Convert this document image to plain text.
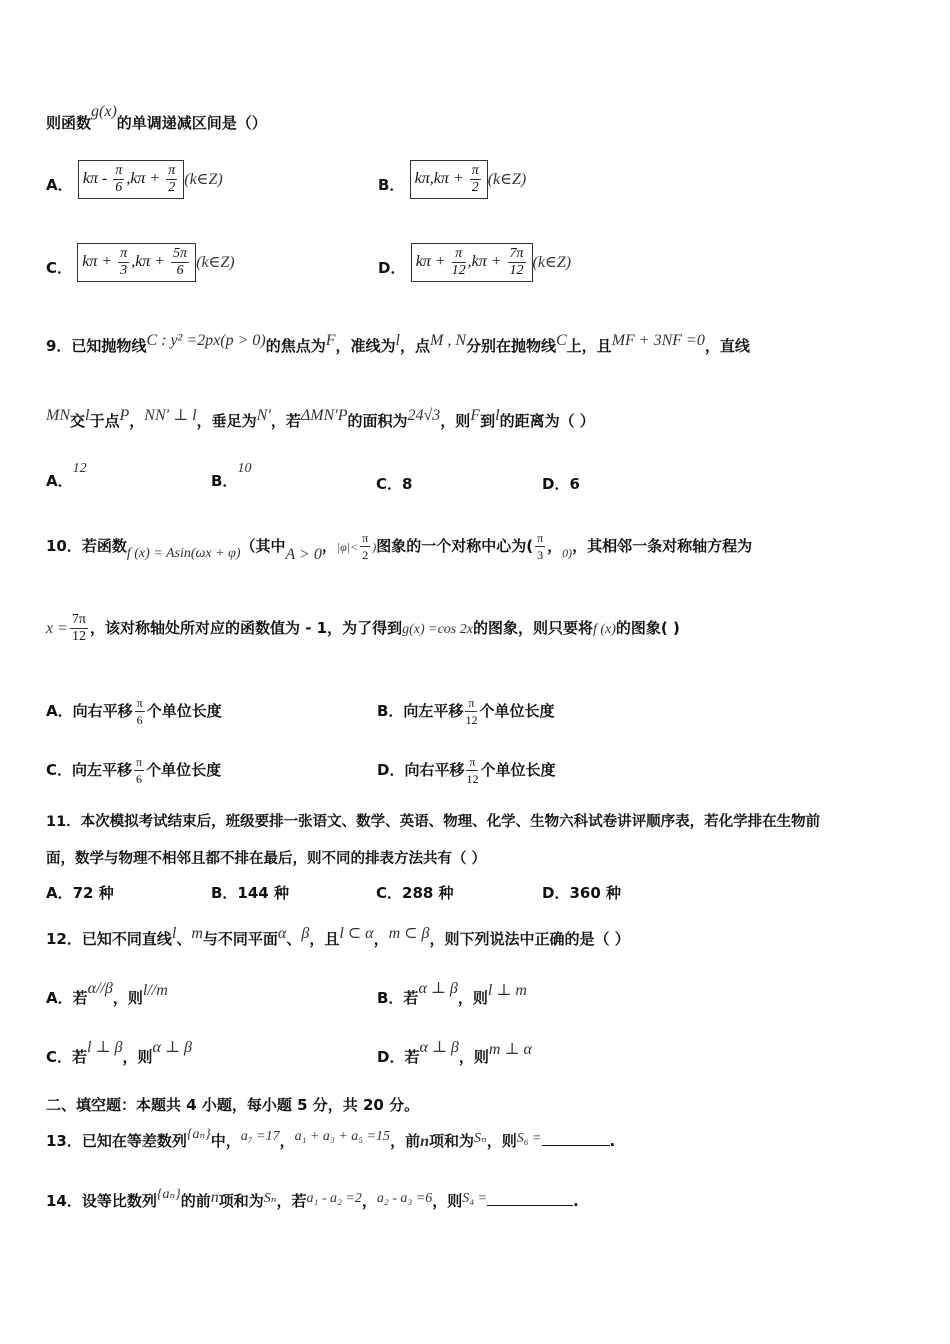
则函数g(x)的单调递减区间是（）
A． $k\pi - \frac{\pi}{6} ,k\pi + \frac{\pi}{2}$ (k∈Z)	B． $k\pi,k\pi + \frac{\pi}{2}$ (k∈Z)
C． $k\pi + \frac{\pi}{3} ,k\pi + \frac{5\pi}{6}$ (k∈Z)	D． $k\pi + \frac{\pi}{12} ,k\pi + \frac{7\pi}{12}$ (k∈Z)
9．已知抛物线C : y² =2px(p > 0)的焦点为F，准线为l，点M , N分别在抛物线C上，且MF + 3NF =0，直线
MN交l于点P，NN′ ⊥ l，垂足为N′，若ΔMN′P的面积为24√3，则F到l的距离为（ ）
A．12
B．10
C．8	D．6
10．若函数f (x) = Asin(ωx + φ)（其中A > 0，$|\varphi|< \frac{\pi}{2}$ )图象的一个对称中心为( $\frac{\pi}{3}$ ，$_{0)}$，其相邻一条对称轴方程为
$x = \frac{7\pi}{12}$ ，该对称轴处所对应的函数值为 - 1，为了得到g(x) =cos 2x的图象，则只要将f (x)的图象( )
A．向右平移 $\frac{\pi}{6}$ 个单位长度	B．向左平移 $\frac{\pi}{12}$ 个单位长度
C．向左平移 $\frac{\pi}{6}$ 个单位长度	D．向右平移 $\frac{\pi}{12}$ 个单位长度
11．本次模拟考试结束后，班级要排一张语文、数学、英语、物理、化学、生物六科试卷讲评顺序表，若化学排在生物前
面，数学与物理不相邻且都不排在最后，则不同的排表方法共有（ ）
A．72 种	B．144 种	C．288 种	D．360 种
12．已知不同直线l、m与不同平面α、β，且l ⊂ α，m ⊂ β，则下列说法中正确的是（ ）
A．若α//β，则l//m	B．若α ⊥ β，则l ⊥ m
C．若l ⊥ β，则α ⊥ β
D．若α ⊥ β，则m ⊥ α
二、填空题：本题共 4 小题，每小题 5 分，共 20 分。
13．已知在等差数列{aₙ}中，a₇ =17，a₁ + a₃ + a₅ =15，前n项和为Sₙ，则S₆ =	.
14．设等比数列{aₙ}的前n项和为Sₙ，若a₁ - a₂ =2，a₂ - a₃ =6，则S₄ =	.
